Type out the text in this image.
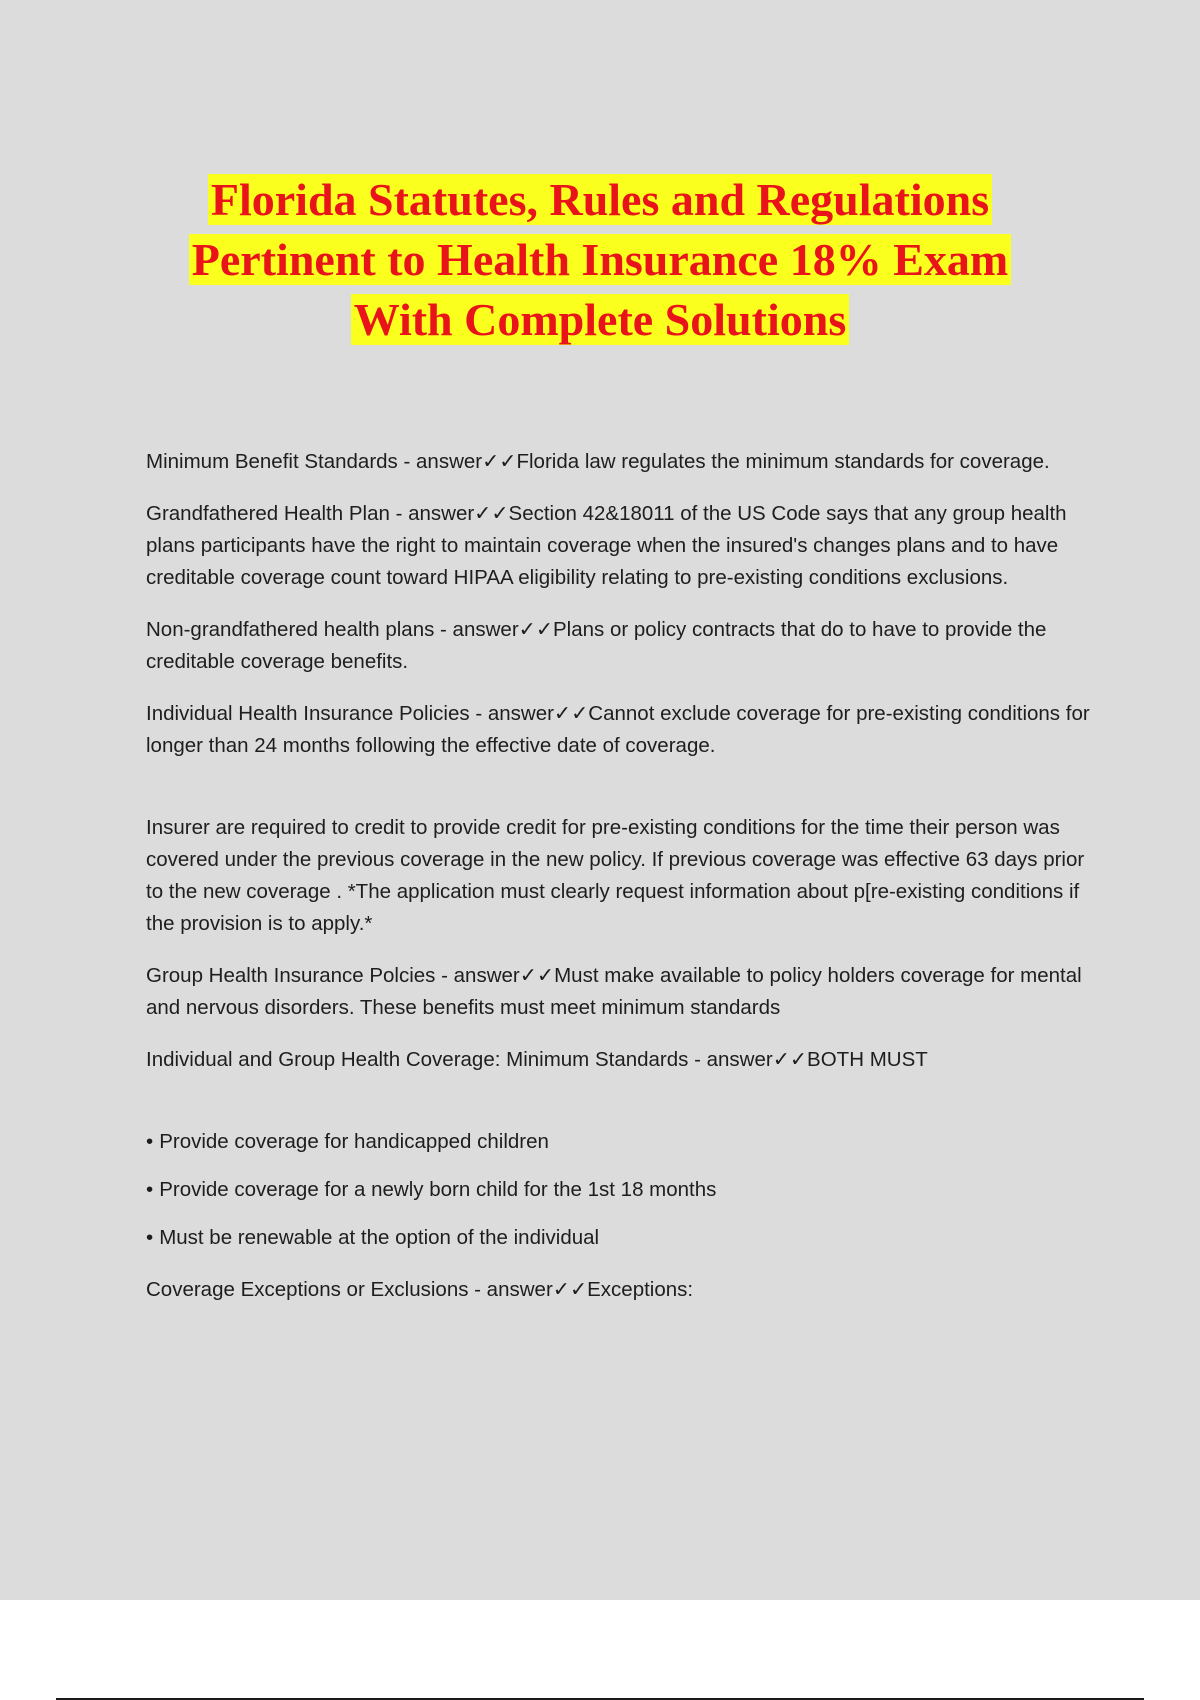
Florida Statutes, Rules and Regulations
Pertinent to Health Insurance 18% Exam
With Complete Solutions

Minimum Benefit Standards - answer✓✓Florida law regulates the minimum standards for coverage.

Grandfathered Health Plan - answer✓✓Section 42&18011 of the US Code says that any group health plans participants have the right to maintain coverage when the insured's changes plans and to have creditable coverage count toward HIPAA eligibility relating to pre-existing conditions exclusions.

Non-grandfathered health plans - answer✓✓Plans or policy contracts that do to have to provide the creditable coverage benefits.

Individual Health Insurance Policies - answer✓✓Cannot exclude coverage for pre-existing conditions for longer than 24 months following the effective date of coverage.

Insurer are required to credit to provide credit for pre-existing conditions for the time their person was covered under the previous coverage in the new policy. If previous coverage was effective 63 days prior to the new coverage . *The application must clearly request information about p[re-existing conditions if the provision is to apply.*

Group Health Insurance Polcies - answer✓✓Must make available to policy holders coverage for mental and nervous disorders. These benefits must meet minimum standards

Individual and Group Health Coverage: Minimum Standards - answer✓✓BOTH MUST

• Provide coverage for handicapped children
• Provide coverage for a newly born child for the 1st 18 months
• Must be renewable at the option of the individual

Coverage Exceptions or Exclusions - answer✓✓Exceptions:
